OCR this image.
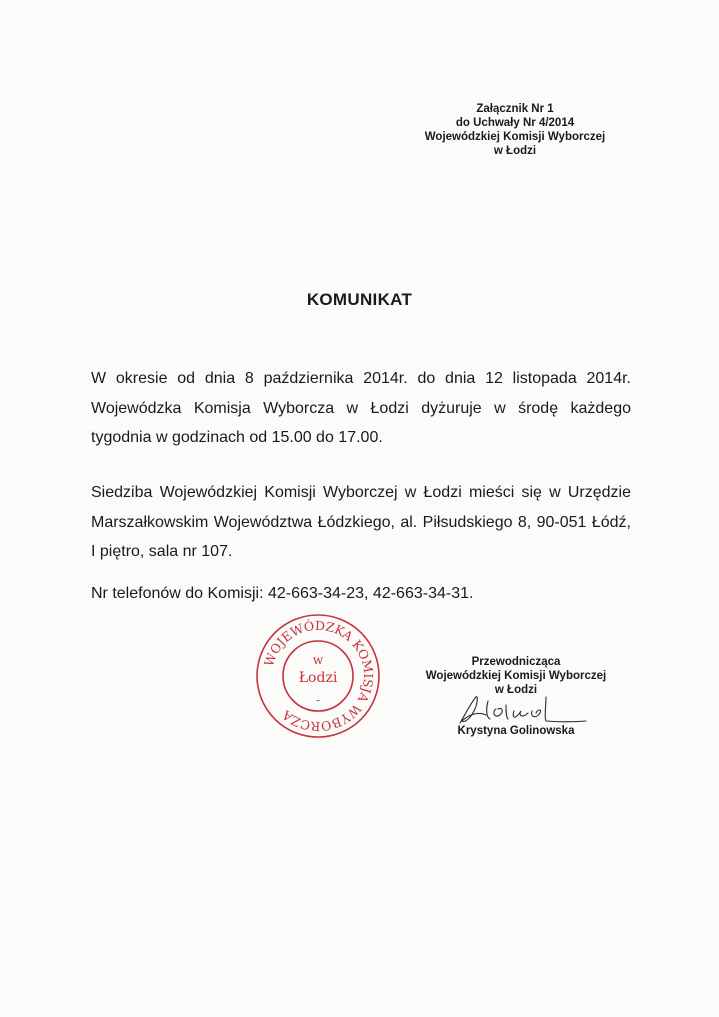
Załącznik Nr 1
do Uchwały Nr 4/2014
Wojewódzkiej Komisji Wyborczej
w Łodzi
KOMUNIKAT
W okresie od dnia 8 października 2014r. do dnia 12 listopada 2014r. Wojewódzka Komisja Wyborcza w Łodzi dyżuruje w środę każdego tygodnia w godzinach od 15.00 do 17.00.
Siedziba Wojewódzkiej Komisji Wyborczej w Łodzi mieści się w Urzędzie Marszałkowskim Województwa Łódzkiego, al. Piłsudskiego 8, 90-051 Łódź, I piętro, sala nr 107.
Nr telefonów do Komisji: 42-663-34-23, 42-663-34-31.
WOJEWÓDZKA KOMISJA WYBORCZA
w
Łodzi
-
Przewodnicząca
Wojewódzkiej Komisji Wyborczej
w Łodzi
Krystyna Golinowska
